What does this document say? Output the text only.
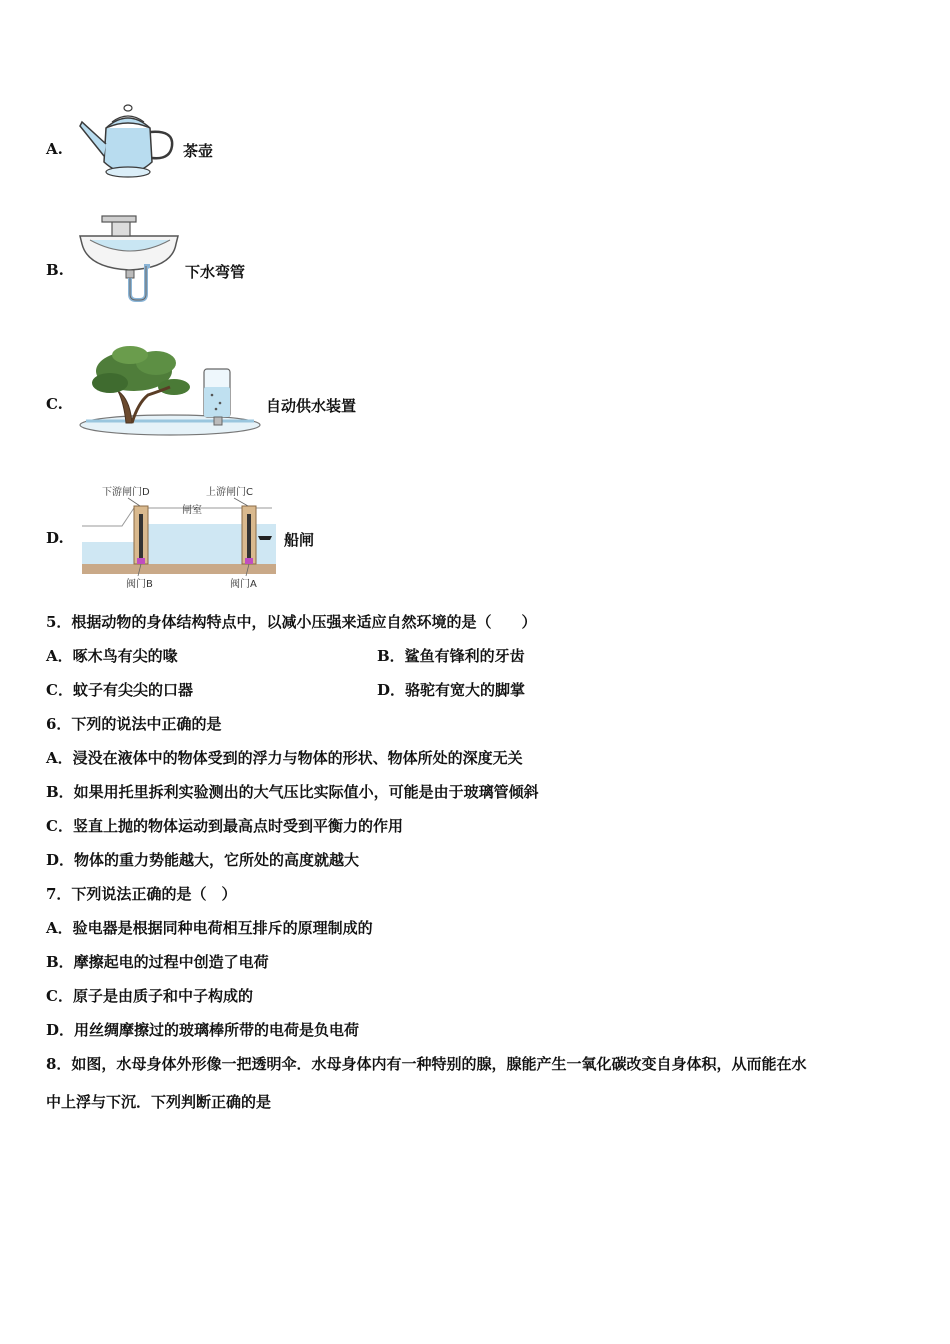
A.	茶壶
B.	下水弯管
C.	自动供水装置
D.
下游闸门D	上游闸门C
闸室
阀门B	阀门A
船闸
5．根据动物的身体结构特点中，以减小压强来适应自然环境的是（　　）
A．啄木鸟有尖的喙	B．鲨鱼有锋利的牙齿
C．蚊子有尖尖的口器	D．骆驼有宽大的脚掌
6．下列的说法中正确的是
A．浸没在液体中的物体受到的浮力与物体的形状、物体所处的深度无关
B．如果用托里拆利实验测出的大气压比实际值小，可能是由于玻璃管倾斜
C．竖直上抛的物体运动到最高点时受到平衡力的作用
D．物体的重力势能越大，它所处的高度就越大
7．下列说法正确的是（　）
A．验电器是根据同种电荷相互排斥的原理制成的
B．摩擦起电的过程中创造了电荷
C．原子是由质子和中子构成的
D．用丝绸摩擦过的玻璃棒所带的电荷是负电荷
8．如图，水母身体外形像一把透明伞．水母身体内有一种特别的腺，腺能产生一氧化碳改变自身体积，从而能在水
中上浮与下沉．下列判断正确的是
